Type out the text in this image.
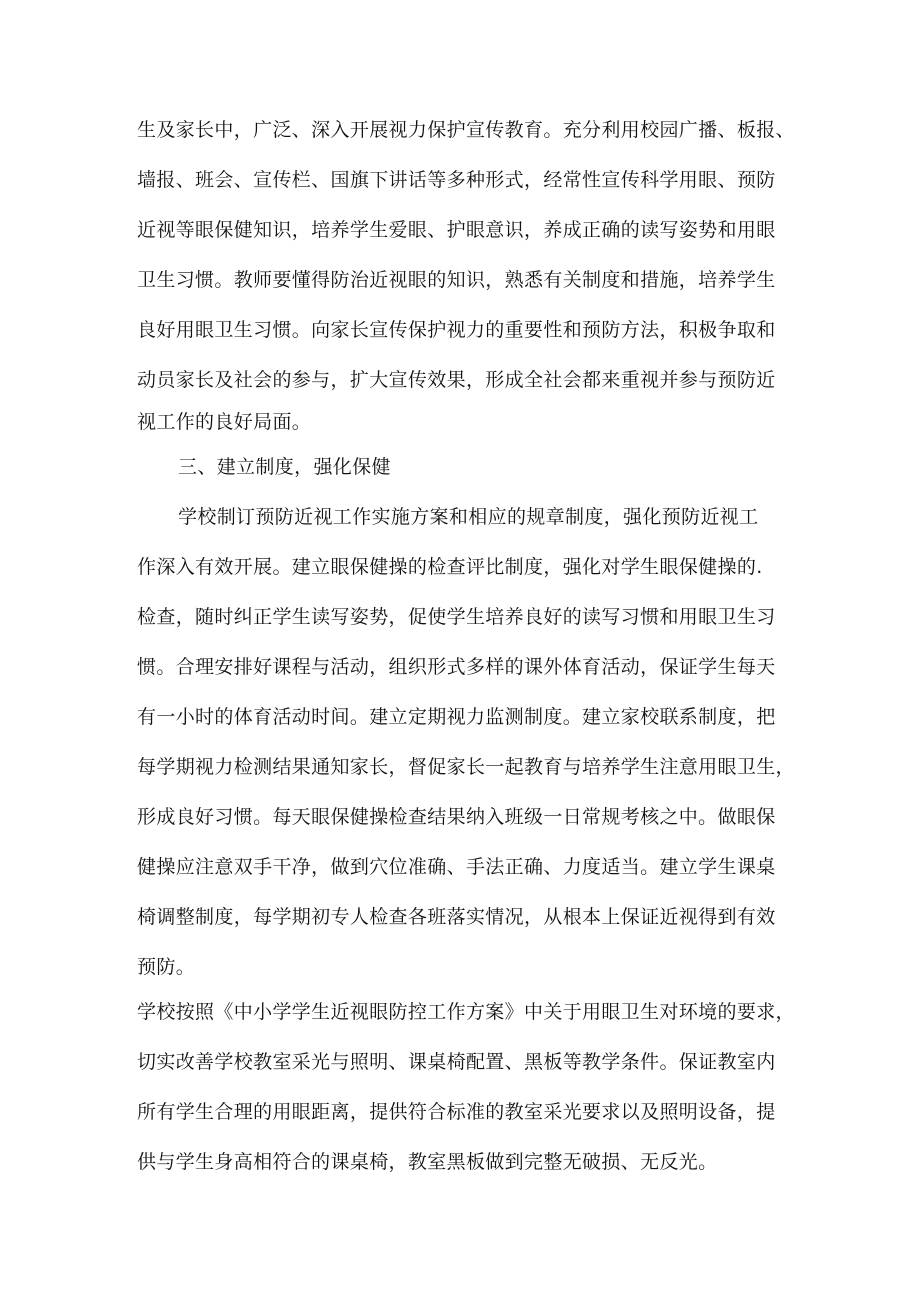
生及家长中，广泛、深入开展视力保护宣传教育。充分利用校园广播、板报、
墙报、班会、宣传栏、国旗下讲话等多种形式，经常性宣传科学用眼、预防
近视等眼保健知识，培养学生爱眼、护眼意识，养成正确的读写姿势和用眼
卫生习惯。教师要懂得防治近视眼的知识，熟悉有关制度和措施，培养学生
良好用眼卫生习惯。向家长宣传保护视力的重要性和预防方法，积极争取和
动员家长及社会的参与，扩大宣传效果，形成全社会都来重视并参与预防近
视工作的良好局面。
三、建立制度，强化保健
学校制订预防近视工作实施方案和相应的规章制度，强化预防近视工
作深入有效开展。建立眼保健操的检查评比制度，强化对学生眼保健操的.
检查，随时纠正学生读写姿势，促使学生培养良好的读写习惯和用眼卫生习
惯。合理安排好课程与活动，组织形式多样的课外体育活动，保证学生每天
有一小时的体育活动时间。建立定期视力监测制度。建立家校联系制度，把
每学期视力检测结果通知家长，督促家长一起教育与培养学生注意用眼卫生，
形成良好习惯。每天眼保健操检查结果纳入班级一日常规考核之中。做眼保
健操应注意双手干净，做到穴位准确、手法正确、力度适当。建立学生课桌
椅调整制度，每学期初专人检查各班落实情况，从根本上保证近视得到有效
预防。
学校按照《中小学学生近视眼防控工作方案》中关于用眼卫生对环境的要求，
切实改善学校教室采光与照明、课桌椅配置、黑板等教学条件。保证教室内
所有学生合理的用眼距离，提供符合标准的教室采光要求以及照明设备，提
供与学生身高相符合的课桌椅，教室黑板做到完整无破损、无反光。
